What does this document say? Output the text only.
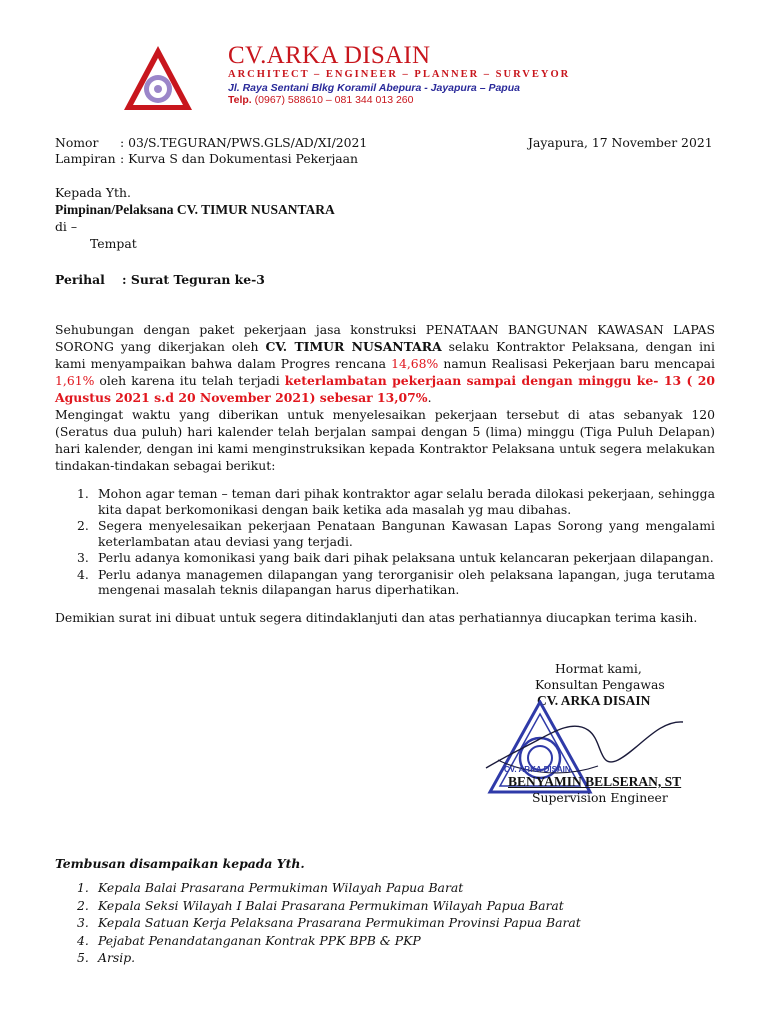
CV.ARKA DISAIN
ARCHITECT – ENGINEER – PLANNER – SURVEYOR
Jl. Raya Sentani Blkg Koramil Abepura - Jayapura – Papua
Telp. (0967) 588610 – 081 344 013 260
Nomor : 03/S.TEGURAN/PWS.GLS/AD/XI/2021	Jayapura, 17 November 2021
Lampiran : Kurva S dan Dokumentasi Pekerjaan
Kepada Yth.
Pimpinan/Pelaksana CV. TIMUR NUSANTARA
di –
Tempat
Perihal : Surat Teguran ke-3

Sehubungan dengan paket pekerjaan jasa konstruksi PENATAAN BANGUNAN KAWASAN LAPAS SORONG yang dikerjakan oleh CV. TIMUR NUSANTARA selaku Kontraktor Pelaksana, dengan ini kami menyampaikan bahwa dalam Progres rencana 14,68% namun Realisasi Pekerjaan baru mencapai 1,61% oleh karena itu telah terjadi keterlambatan pekerjaan sampai dengan minggu ke- 13 ( 20 Agustus 2021 s.d 20 November 2021) sebesar 13,07%.

Mengingat waktu yang diberikan untuk menyelesaikan pekerjaan tersebut di atas sebanyak 120 (Seratus dua puluh) hari kalender telah berjalan sampai dengan 5 (lima) minggu (Tiga Puluh Delapan) hari kalender, dengan ini kami menginstruksikan kepada Kontraktor Pelaksana untuk segera melakukan tindakan-tindakan sebagai berikut:

1. Mohon agar teman – teman dari pihak kontraktor agar selalu berada dilokasi pekerjaan, sehingga kita dapat berkomonikasi dengan baik ketika ada masalah yg mau dibahas.
2. Segera menyelesaikan pekerjaan Penataan Bangunan Kawasan Lapas Sorong yang mengalami keterlambatan atau deviasi yang terjadi.
3. Perlu adanya komonikasi yang baik dari pihak pelaksana untuk kelancaran pekerjaan dilapangan.
4. Perlu adanya managemen dilapangan yang terorganisir oleh pelaksana lapangan, juga terutama mengenai masalah teknis dilapangan harus diperhatikan.
Demikian surat ini dibuat untuk segera ditindaklanjuti dan atas perhatiannya diucapkan terima kasih.
Hormat kami,
Konsultan Pengawas
CV. ARKA DISAIN
CV. ARKA DISAIN
BENYAMIN BELSERAN, ST
Supervision Engineer
Tembusan disampaikan kepada Yth.
1. Kepala Balai Prasarana Permukiman Wilayah Papua Barat
2. Kepala Seksi Wilayah I Balai Prasarana Permukiman Wilayah Papua Barat
3. Kepala Satuan Kerja Pelaksana Prasarana Permukiman Provinsi Papua Barat
4. Pejabat Penandatanganan Kontrak PPK BPB & PKP
5. Arsip.
